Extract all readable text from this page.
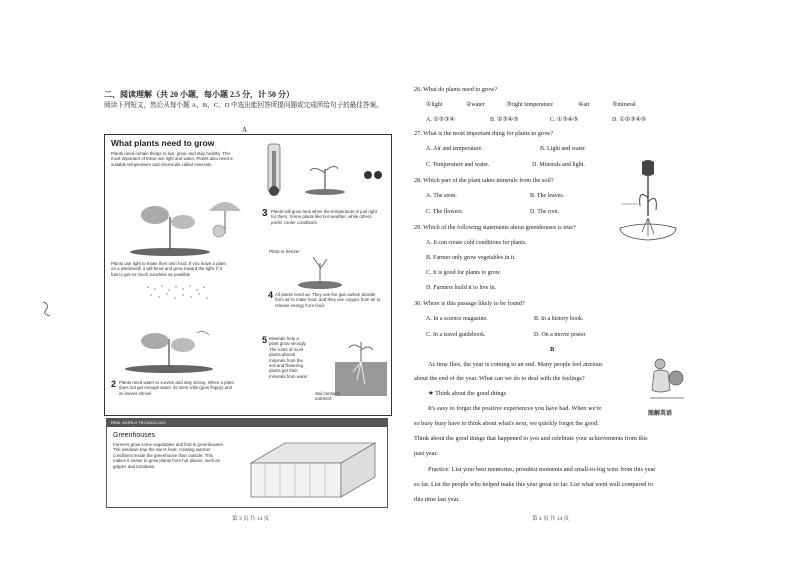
二、阅读理解（共 20 小题，每小题 2.5 分，计 50 分）
阅读下列短文，然后从每小题 A、B、C、D 中选出能回答所提问题或完成所给句子的最佳答案。
A
What plants need to grow
Plants need certain things to live, grow, and stay healthy. The most important of these are light and water. Plants also need a suitable temperature and chemicals called minerals.
3 Plants will grow best when the temperature is just right for them. Some plants like hot weather, while others prefer cooler conditions.
Plants use light to make their own food. If you leave a plant on a windowsill, it will bend and grow toward the light. If it has to get so much sunshine as possible.
Plant in freezer
4 All plants need air. They use the gas carbon dioxide from air to make food, and they use oxygen from air to release energy from food.
5 Minerals help a plant grow strongly. The roots of most plants absorb minerals from the soil and flowering plants get their minerals from water.
Soil contains nutrients
2 Plants need water to survive and stay strong. When a plant does not get enough water, its stem wilts (gets floppy) and its leaves shrivel.
REAL WORLD TECHNOLOGY
Greenhouses
Farmers grow some vegetables and fruit in greenhouses. The windows trap the Sun's heat, creating warmer conditions inside the greenhouse than outside. This makes it easier to grow plants from hot places, such as grapes and tomatoes.
第 3 页 共 14 页
26. What do plants need to grow?
①light	②water	③right temperature	④air	⑤mineral
A. ①②③④	B. ②③④⑤	C. ①③④⑤	D. ①②③④⑤
27. What is the most important thing for plants to grow?
A. Air and temperature.	B. Light and water.
C. Temperature and water.	D. Minerals and light.
28. Which part of the plant takes minerals from the soil?
A. The stem.	B. The leaves.
C. The flowers.	D. The root.
29. Which of the following statements about greenhouses is true?
A. It can create cold conditions for plants.
B. Farmer only grow vegetables in it.
C. It is good for plants to grow.
D. Farmers build it to live in.
30. Where is this passage likely to be found?
A. In a science magazine.	B. In a history book.
C. In a travel guidebook.	D. On a movie poster
B
As time flies, the year is coming to an end. Many people feel anxious
about the end of the year. What can we do to deal with the feelings?
★ Think about the good things
It's easy to forget the positive experiences you have had. When we're
so busy busy have to think about what's next, we quickly forget the good.
Think about the good things that happened to you and celebrate your achievements from this
past year.
Practice: List your best memories, proudest moments and small-to-big wins from this year
so far. List the people who helped make this year great so far. List what went well compared to
this time last year.
图解英语
第 4 页 共 14 页
